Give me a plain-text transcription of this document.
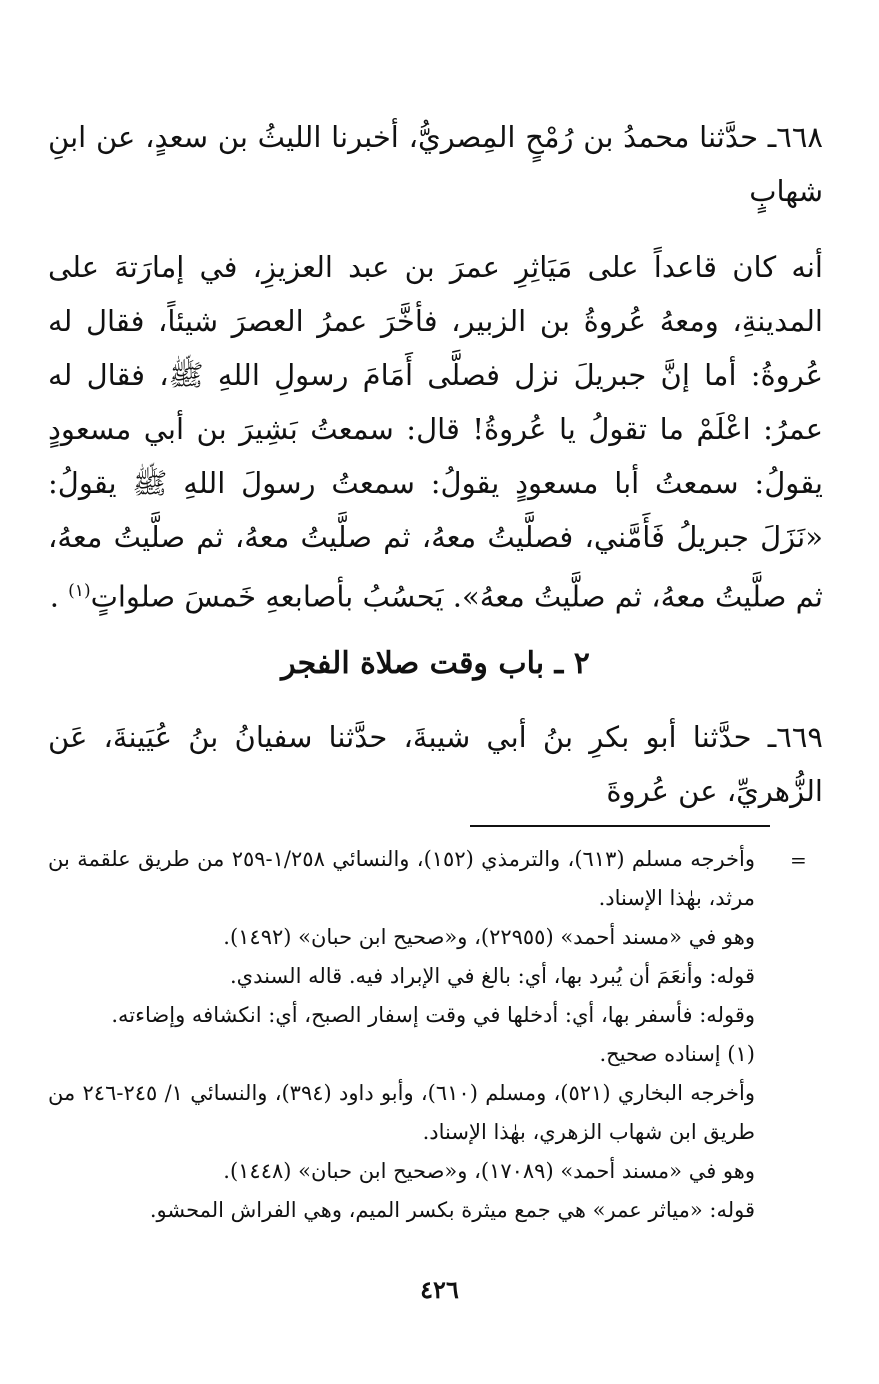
٦٦٨ـ حدَّثنا محمدُ بن رُمْحٍ المِصريُّ، أخبرنا الليثُ بن سعدٍ، عن ابنِ شهابٍ

أنه كان قاعداً على مَيَاثِرِ عمرَ بن عبد العزيزِ، في إمارَتهَ على المدينةِ، ومعهُ عُروةُ بن الزبير، فأخَّرَ عمرُ العصرَ شيئاً، فقال له عُروةُ: أما إنَّ جبريلَ نزل فصلَّى أَمَامَ رسولِ اللهِ ﷺ، فقال له عمرُ: اعْلَمْ ما تقولُ يا عُروةُ! قال: سمعتُ بَشِيرَ بن أبي مسعودٍ يقولُ: سمعتُ أبا مسعودٍ يقولُ: سمعتُ رسولَ اللهِ ﷺ يقولُ: «نَزَلَ جبريلُ فَأَمَّني، فصلَّيتُ معهُ، ثم صلَّيتُ معهُ، ثم صلَّيتُ معهُ، ثم صلَّيتُ معهُ، ثم صلَّيتُ معهُ». يَحسُبُ بأصابعهِ خَمسَ صلواتٍ$^{(١)}$ .

٢ ـ باب وقت صلاة الفجر

٦٦٩ـ حدَّثنا أبو بكرِ بنُ أبي شيبةَ، حدَّثنا سفيانُ بنُ عُيَينةَ، عَن الزُّهريِّ، عن عُروةَ

=

وأخرجه مسلم (٦١٣)، والترمذي (١٥٢)، والنسائي ١/٢٥٨-٢٥٩ من طريق علقمة بن مرثد، بهٰذا الإسناد.

وهو في «مسند أحمد» (٢٢٩٥٥)، و«صحيح ابن حبان» (١٤٩٢).

قوله: وأنعَمَ أن يُبرد بها، أي: بالغ في الإبراد فيه. قاله السندي.

وقوله: فأسفر بها، أي: أدخلها في وقت إسفار الصبح، أي: انكشافه وإضاءته.

(١) إسناده صحيح.

وأخرجه البخاري (٥٢١)، ومسلم (٦١٠)، وأبو داود (٣٩٤)، والنسائي ١/ ٢٤٥-٢٤٦ من طريق ابن شهاب الزهري، بهٰذا الإسناد.

وهو في «مسند أحمد» (١٧٠٨٩)، و«صحيح ابن حبان» (١٤٤٨).

قوله: «مياثر عمر» هي جمع ميثرة بكسر الميم، وهي الفراش المحشو.

٤٢٦
